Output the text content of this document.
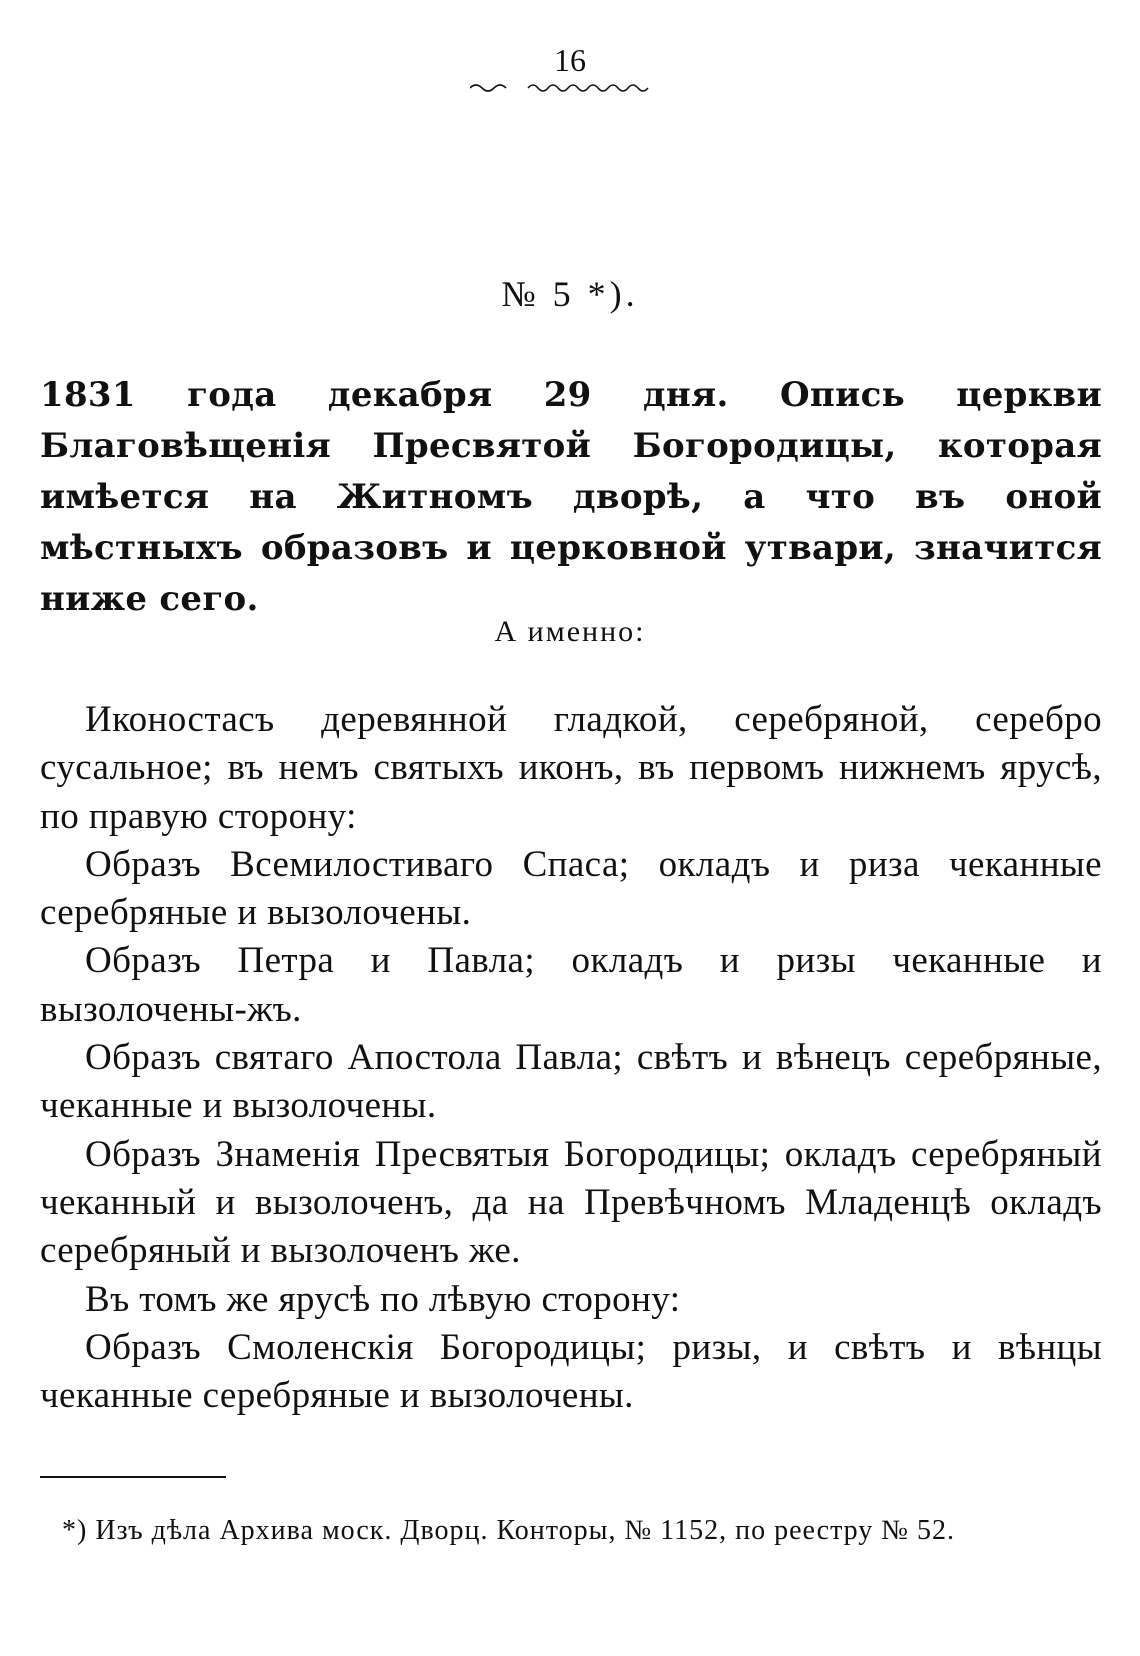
16
№ 5 *).
1831 года декабря 29 дня. Опись церкви Благовѣщенія Пресвятой Богородицы, которая имѣется на Житномъ дворѣ, а что въ оной мѣстныхъ образовъ и церковной утвари, значится ниже сего.
А именно:

Иконостасъ деревянной гладкой, серебряной, серебро сусальное; въ немъ святыхъ иконъ, въ первомъ нижнемъ ярусѣ, по правую сторону:

Образъ Всемилостиваго Спаса; окладъ и риза чеканные серебряные и вызолочены.

Образъ Петра и Павла; окладъ и ризы чеканные и вызолочены-жъ.

Образъ святаго Апостола Павла; свѣтъ и вѣнецъ серебряные, чеканные и вызолочены.

Образъ Знаменія Пресвятыя Богородицы; окладъ серебряный чеканный и вызолоченъ, да на Превѣчномъ Младенцѣ окладъ серебряный и вызолоченъ же.

Въ томъ же ярусѣ по лѣвую сторону:

Образъ Смоленскія Богородицы; ризы, и свѣтъ и вѣнцы чеканные серебряные и вызолочены.

*) Изъ дѣла Архива моск. Дворц. Конторы, № 1152, по реестру № 52.
